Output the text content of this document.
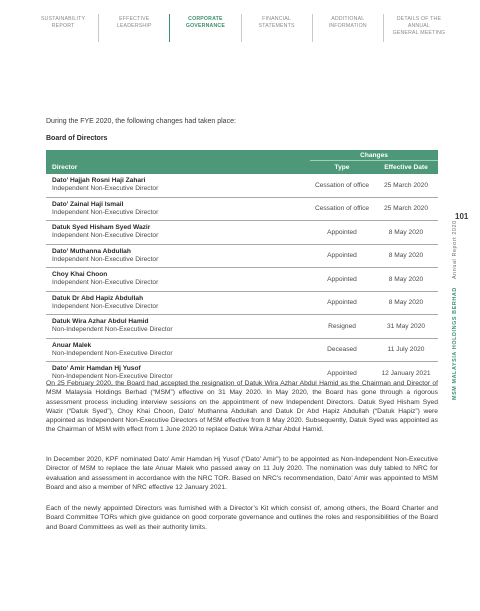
SUSTAINABILITY
REPORT
EFFECTIVE
LEADERSHIP
CORPORATE
GOVERNANCE
FINANCIAL
STATEMENTS
ADDITIONAL
INFORMATION
DETAILS OF THE ANNUAL
GENERAL MEETING
During the FYE 2020, the following changes had taken place:
Board of Directors
Changes
Director	Type	Effective Date
Dato’ Hajjah Rosni Haji Zahari
Independent Non-Executive Director	Cessation of office	25 March 2020
Dato’ Zainal Haji Ismail
Independent Non-Executive Director	Cessation of office	25 March 2020
Datuk Syed Hisham Syed Wazir
Independent Non-Executive Director	Appointed	8 May 2020
Dato’ Muthanna Abdullah
Independent Non-Executive Director	Appointed	8 May 2020
Choy Khai Choon
Independent Non-Executive Director	Appointed	8 May 2020
Datuk Dr Abd Hapiz Abdullah
Independent Non-Executive Director	Appointed	8 May 2020
Datuk Wira Azhar Abdul Hamid
Non-Independent Non-Executive Director	Resigned	31 May 2020
Anuar Malek
Non-Independent Non-Executive Director	Deceased	11 July 2020
Dato’ Amir Hamdan Hj Yusof
Non-Independent Non-Executive Director	Appointed	12 January 2021

On 25 February 2020, the Board had accepted the resignation of Datuk Wira Azhar Abdul Hamid as the Chairman and Director of MSM Malaysia Holdings Berhad (“MSM”) effective on 31 May 2020. In May 2020, the Board has gone through a rigorous assessment process including interview sessions on the appointment of new Independent Directors. Datuk Syed Hisham Syed Wazir (“Datuk Syed”), Choy Khai Choon, Dato’ Muthanna Abdullah and Datuk Dr Abd Hapiz Abdullah (“Datuk Hapiz”) were appointed as Independent Non-Executive Directors of MSM effective from 8 May 2020. Subsequently, Datuk Syed was appointed as the Chairman of MSM with effect from 1 June 2020 to replace Datuk Wira Azhar Abdul Hamid.

In December 2020, KPF nominated Dato’ Amir Hamdan Hj Yusof (“Dato’ Amir”) to be appointed as Non-Independent Non-Executive Director of MSM to replace the late Anuar Malek who passed away on 11 July 2020. The nomination was duly tabled to NRC for evaluation and assessment in accordance with the NRC TOR. Based on NRC’s recommendation, Dato’ Amir was appointed to MSM Board and also a member of NRC effective 12 January 2021.

Each of the newly appointed Directors was furnished with a Director’s Kit which consist of, among others, the Board Charter and Board Committee TORs which give guidance on good corporate governance and outlines the roles and responsibilities of the Board and Board Committees as well as their authority limits.

101
MSM MALAYSIA HOLDINGS BERHAD    Annual Report 2020
